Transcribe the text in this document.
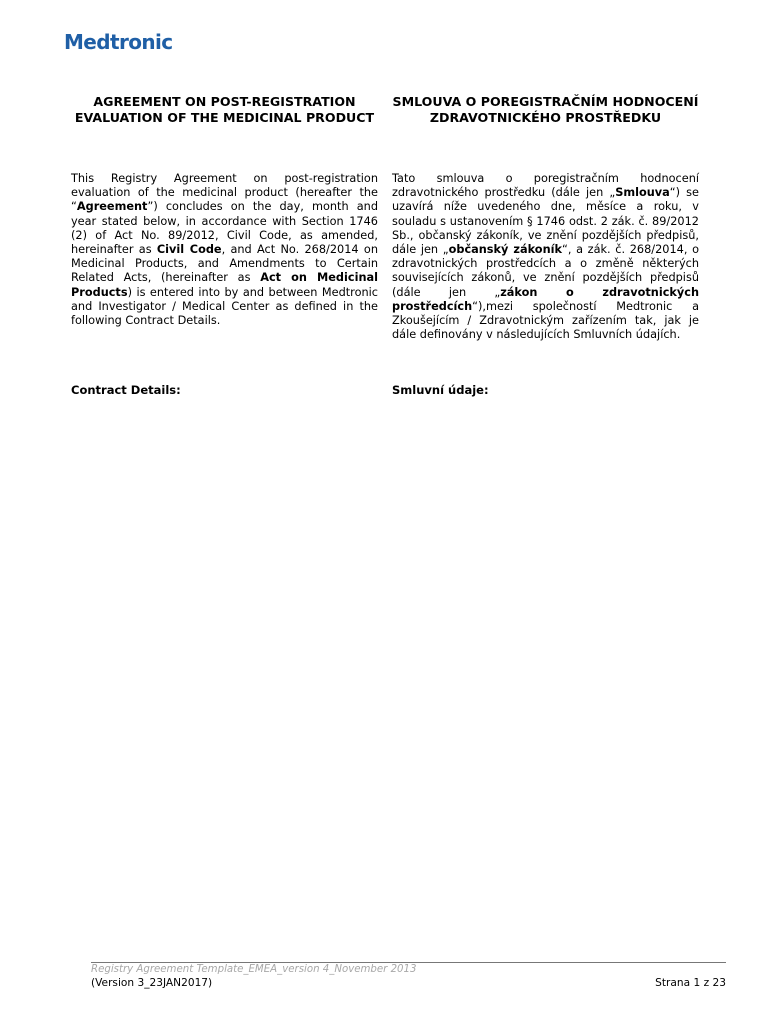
Medtronic
AGREEMENT ON POST-REGISTRATION EVALUATION OF THE MEDICINAL PRODUCT

This Registry Agreement on post-registration evaluation of the medicinal product (hereafter the “Agreement”) concludes on the day, month and year stated below, in accordance with Section 1746 (2) of Act No. 89/2012, Civil Code, as amended, hereinafter as Civil Code, and Act No. 268/2014 on Medicinal Products, and Amendments to Certain Related Acts, (hereinafter as Act on Medicinal Products) is entered into by and between Medtronic and Investigator / Medical Center as defined in the following Contract Details.

SMLOUVA O POREGISTRAČNÍM HODNOCENÍ ZDRAVOTNICKÉHO PROSTŘEDKU

Tato smlouva o poregistračním hodnocení zdravotnického prostředku (dále jen „Smlouva“) se uzavírá níže uvedeného dne, měsíce a roku, v souladu s ustanovením § 1746 odst. 2 zák. č. 89/2012 Sb., občanský zákoník, ve znění pozdějších předpisů, dále jen „občanský zákoník“, a zák. č. 268/2014, o zdravotnických prostředcích a o změně některých souvisejících zákonů, ve znění pozdějších předpisů (dále jen „zákon o zdravotnických prostředcích“),mezi společností Medtronic a Zkoušejícím / Zdravotnickým zařízením tak, jak je dále definovány v následujících Smluvních údajích.

Contract Details:	Smluvní údaje:
Registry Agreement Template_EMEA_version 4_November 2013
(Version 3_23JAN2017)	Strana 1 z 23
